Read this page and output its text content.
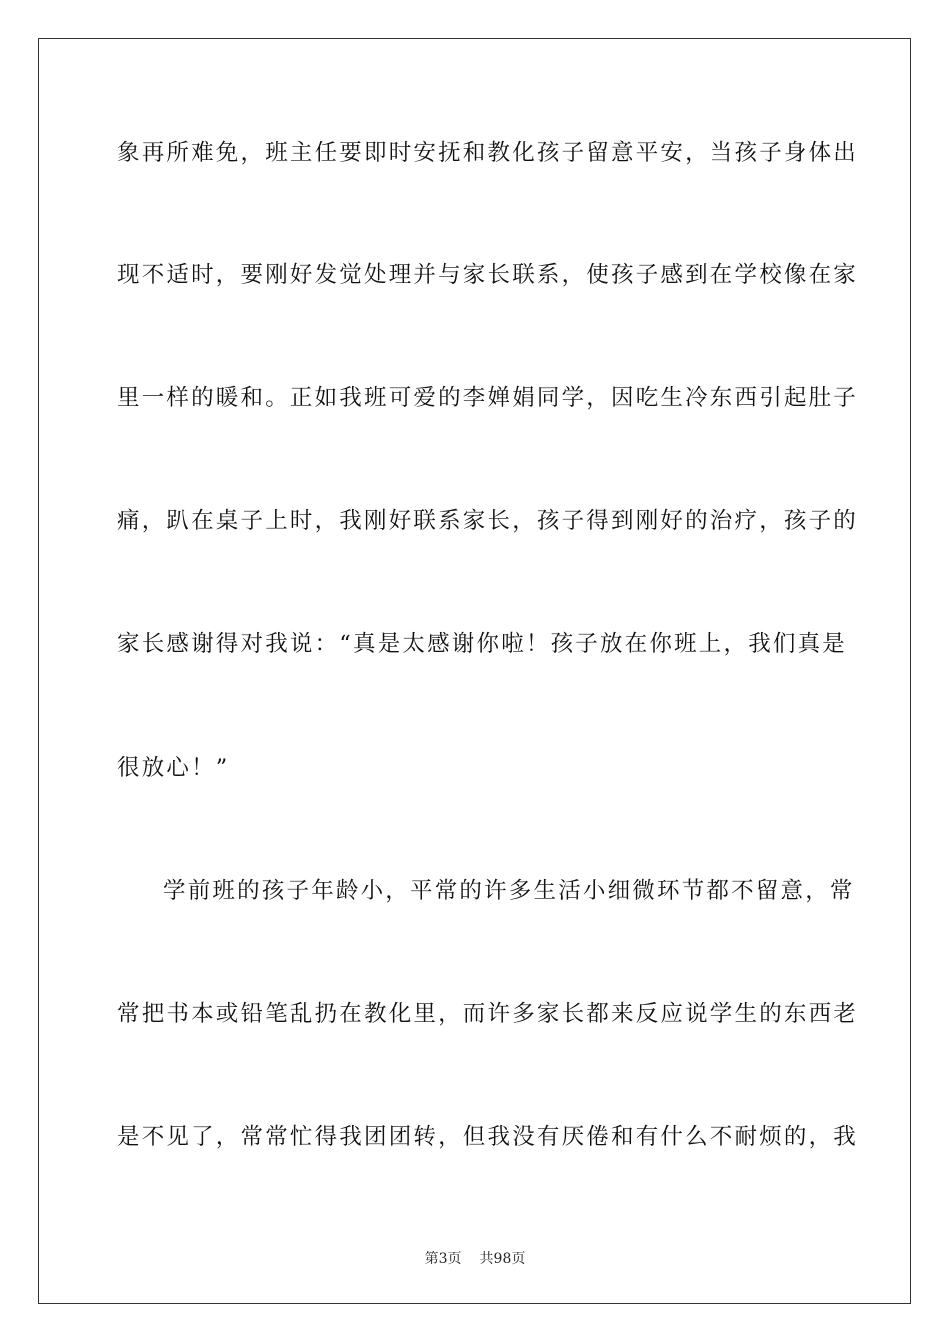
象再所难免，班主任要即时安抚和教化孩子留意平安，当孩子身体出
现不适时，要刚好发觉处理并与家长联系，使孩子感到在学校像在家
里一样的暖和。正如我班可爱的李婵娟同学，因吃生冷东西引起肚子
痛，趴在桌子上时，我刚好联系家长，孩子得到刚好的治疗，孩子的
家长感谢得对我说：“真是太感谢你啦！孩子放在你班上，我们真是
很放心！”
学前班的孩子年龄小，平常的许多生活小细微环节都不留意，常
常把书本或铅笔乱扔在教化里，而许多家长都来反应说学生的东西老
是不见了，常常忙得我团团转，但我没有厌倦和有什么不耐烦的，我
第3页 共98页
